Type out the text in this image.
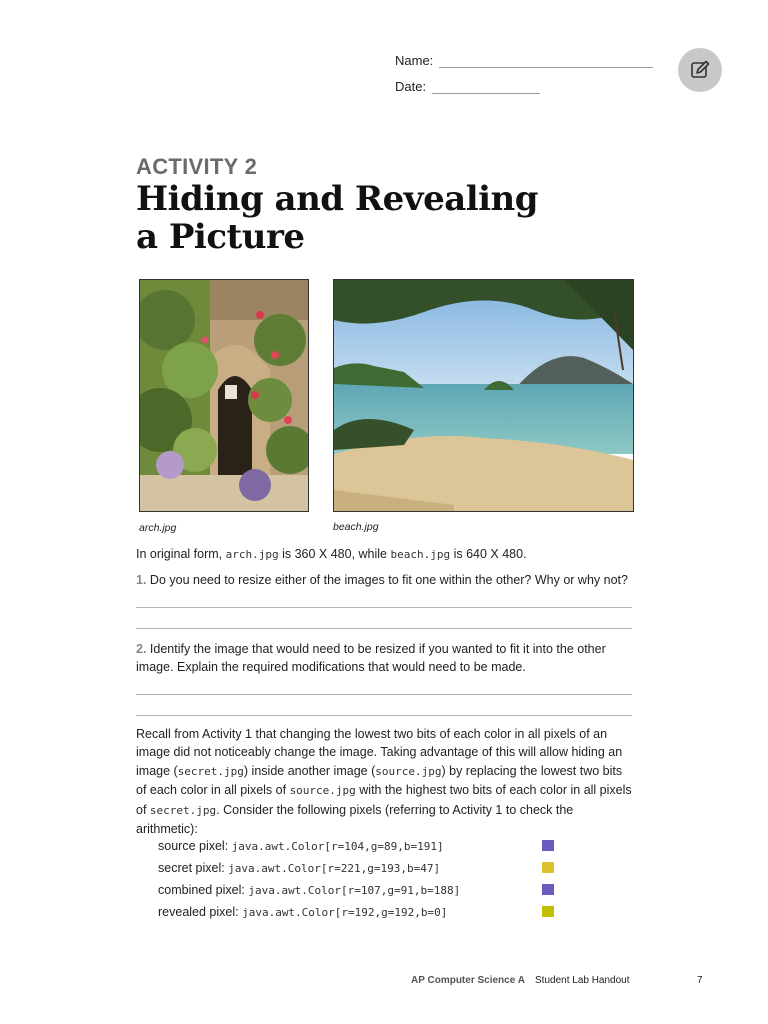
Name:
Date:
ACTIVITY 2
Hiding and Revealing
a Picture
arch.jpg	beach.jpg
In original form, arch.jpg is 360 X 480, while beach.jpg is 640 X 480.
1. Do you need to resize either of the images to fit one within the other? Why or why not?
2. Identify the image that would need to be resized if you wanted to fit it into the other image. Explain the required modifications that would need to be made.
Recall from Activity 1 that changing the lowest two bits of each color in all pixels of an image did not noticeably change the image. Taking advantage of this will allow hiding an image (secret.jpg) inside another image (source.jpg) by replacing the lowest two bits of each color in all pixels of source.jpg with the highest two bits of each color in all pixels of secret.jpg. Consider the following pixels (referring to Activity 1 to check the arithmetic):
source pixel: java.awt.Color[r=104,g=89,b=191]
secret pixel: java.awt.Color[r=221,g=193,b=47]
combined pixel: java.awt.Color[r=107,g=91,b=188]
revealed pixel: java.awt.Color[r=192,g=192,b=0]
AP Computer Science A Student Lab Handout	7
